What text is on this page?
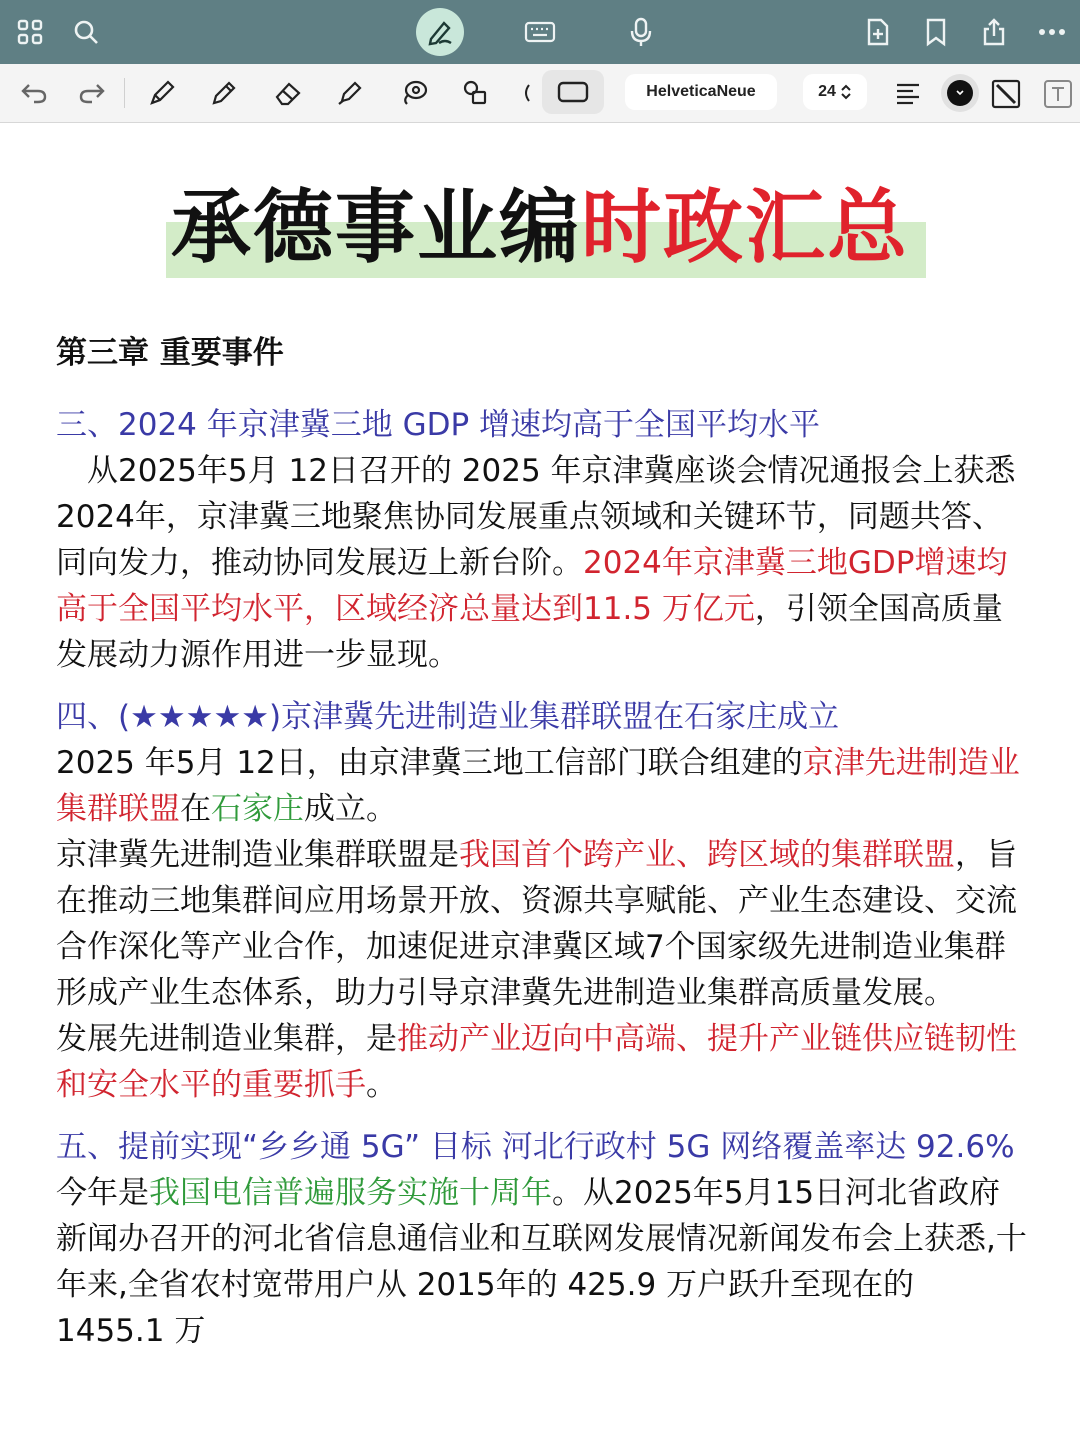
HelveticaNeue	24
承德事业编时政汇总
第三章 重要事件
三、2024 年京津冀三地 GDP 增速均高于全国平均水平

　从2025年5月 12日召开的 2025 年京津冀座谈会情况通报会上获悉2024年，京津冀三地聚焦协同发展重点领域和关键环节，同题共答、同向发力，推动协同发展迈上新台阶。2024年京津冀三地GDP增速均高于全国平均水平，区域经济总量达到11.5 万亿元，引领全国高质量发展动力源作用进一步显现。

四、(★★★★★)京津冀先进制造业集群联盟在石家庄成立

2025 年5月 12日，由京津冀三地工信部门联合组建的京津先进制造业集群联盟在石家庄成立。

京津冀先进制造业集群联盟是我国首个跨产业、跨区域的集群联盟，旨在推动三地集群间应用场景开放、资源共享赋能、产业生态建设、交流合作深化等产业合作，加速促进京津冀区域7个国家级先进制造业集群形成产业生态体系，助力引导京津冀先进制造业集群高质量发展。

发展先进制造业集群，是推动产业迈向中高端、提升产业链供应链韧性和安全水平的重要抓手。

五、提前实现“乡乡通 5G” 目标 河北行政村 5G 网络覆盖率达 92.6%

今年是我国电信普遍服务实施十周年。从2025年5月15日河北省政府新闻办召开的河北省信息通信业和互联网发展情况新闻发布会上获悉,十年来,全省农村宽带用户从 2015年的 425.9 万户跃升至现在的 1455.1 万
